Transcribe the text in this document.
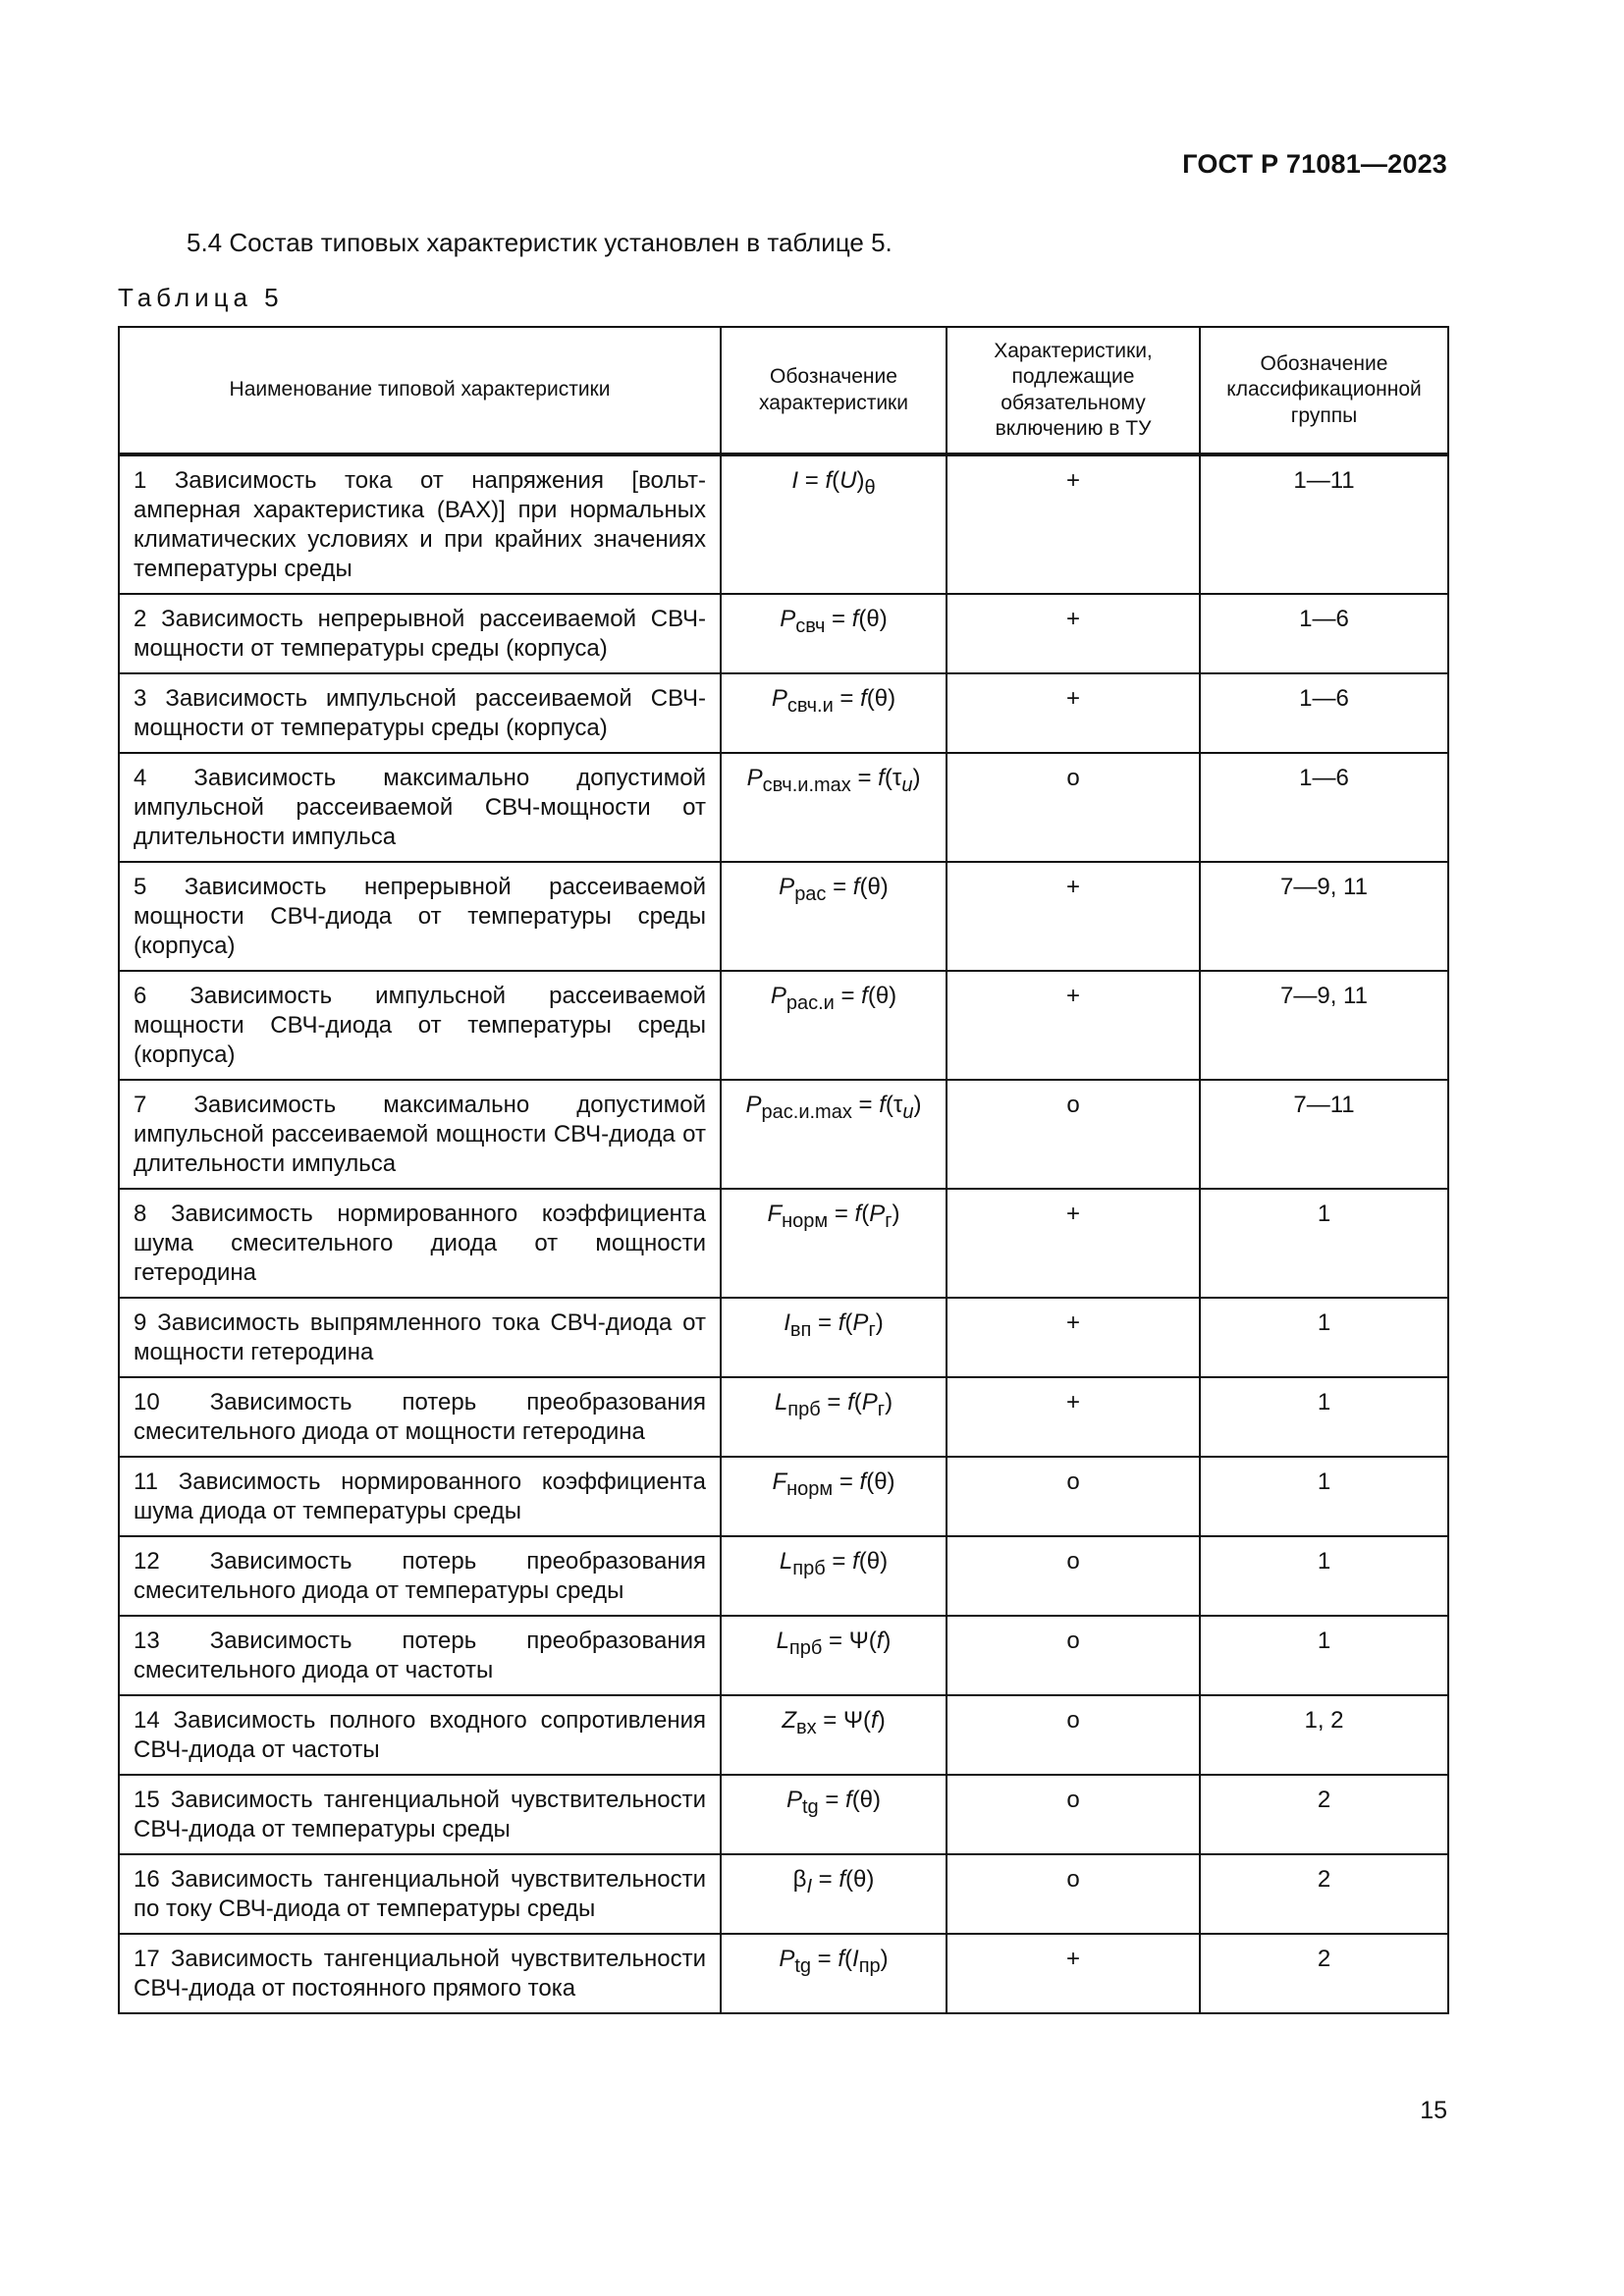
ГОСТ Р 71081—2023
5.4 Состав типовых характеристик установлен в таблице 5.
Таблица 5
Наименование типовой характеристики	Обозначение характеристики	Характеристики, подлежащие обязательному включению в ТУ	Обозначение классификационной группы
1 Зависимость тока от напряжения [вольт-амперная характеристика (ВАХ)] при нормальных климатических условиях и при крайних значениях температуры среды	$I = f(U)_\theta$	+	1—11
2 Зависимость непрерывной рассеиваемой СВЧ-мощности от температуры среды (корпуса)	$P_{свч} = f(\theta)$	+	1—6
3 Зависимость импульсной рассеиваемой СВЧ-мощности от температуры среды (корпуса)	$P_{свч.и} = f(\theta)$	+	1—6
4 Зависимость максимально допустимой импульсной рассеиваемой СВЧ-мощности от длительности импульса	$P_{свч.и.max} = f(\tau_u)$	о	1—6
5 Зависимость непрерывной рассеиваемой мощности СВЧ-диода от температуры среды (корпуса)	$P_{рас} = f(\theta)$	+	7—9, 11
6 Зависимость импульсной рассеиваемой мощности СВЧ-диода от температуры среды (корпуса)	$P_{рас.и} = f(\theta)$	+	7—9, 11
7 Зависимость максимально допустимой импульсной рассеиваемой мощности СВЧ-диода от длительности импульса	$P_{рас.и.max} = f(\tau_u)$	о	7—11
8 Зависимость нормированного коэффициента шума смесительного диода от мощности гетеродина	$F_{норм} = f(P_г)$	+	1
9 Зависимость выпрямленного тока СВЧ-диода от мощности гетеродина	$I_{вп} = f(P_г)$	+	1
10 Зависимость потерь преобразования смесительного диода от мощности гетеродина	$L_{прб} = f(P_г)$	+	1
11 Зависимость нормированного коэффициента шума диода от температуры среды	$F_{норм} = f(\theta)$	о	1
12 Зависимость потерь преобразования смесительного диода от температуры среды	$L_{прб} = f(\theta)$	о	1
13 Зависимость потерь преобразования смесительного диода от частоты	$L_{прб} = \Psi(f)$	о	1
14 Зависимость полного входного сопротивления СВЧ-диода от частоты	$Z_{вх} = \Psi(f)$	о	1, 2
15 Зависимость тангенциальной чувствительности СВЧ-диода от температуры среды	$P_{tg} = f(\theta)$	о	2
16 Зависимость тангенциальной чувствительности по току СВЧ-диода от температуры среды	$\beta_I = f(\theta)$	о	2
17 Зависимость тангенциальной чувствительности СВЧ-диода от постоянного прямого тока	$P_{tg} = f(I_{пр})$	+	2
15
